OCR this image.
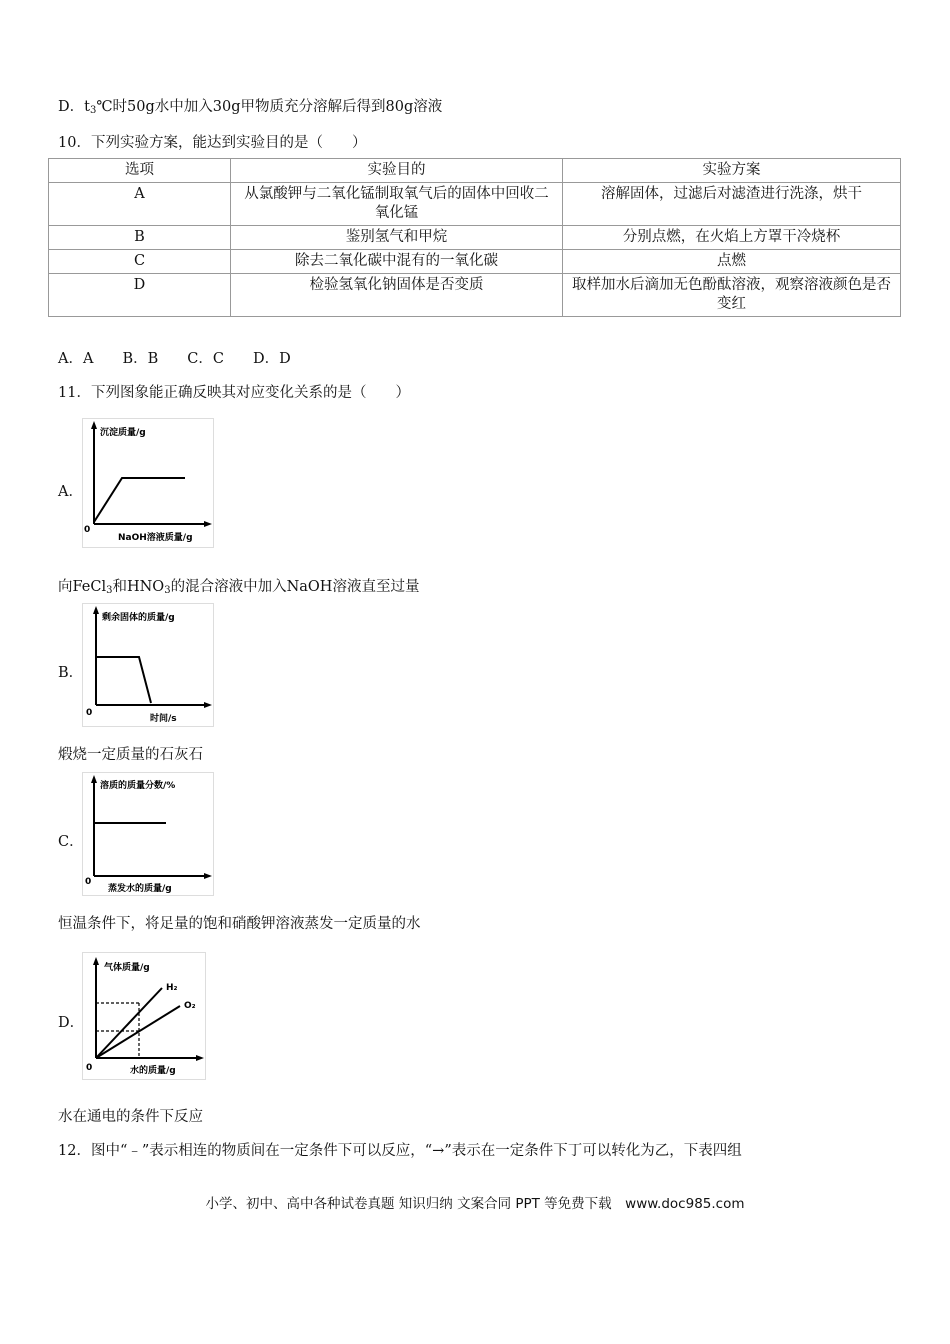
D．$t_3℃$时50g水中加入30g甲物质充分溶解后得到80g溶液
10．下列实验方案，能达到实验目的是（　　）
选项	实验目的	实验方案
A	从氯酸钾与二氧化锰制取氧气后的固体中回收二氧化锰	溶解固体，过滤后对滤渣进行洗涤，烘干
B	鉴别氢气和甲烷	分别点燃，在火焰上方罩干冷烧杯
C	除去二氧化碳中混有的一氧化碳	点燃
D	检验氢氧化钠固体是否变质	取样加水后滴加无色酚酞溶液，观察溶液颜色是否变红
A．A　　B．B　　C．C　　D．D
11．下列图象能正确反映其对应变化关系的是（　　）
A．
沉淀质量/g
NaOH溶液质量/g
0
向FeCl$_3$和$HNO_3$的混合溶液中加入NaOH溶液直至过量
B．
剩余固体的质量/g
时间/s
0
煅烧一定质量的石灰石
C．
溶质的质量分数/%
蒸发水的质量/g
0
恒温条件下，将足量的饱和硝酸钾溶液蒸发一定质量的水
D．
气体质量/g
H₂
O₂
水的质量/g
0
水在通电的条件下反应
12．图中“﹣”表示相连的物质间在一定条件下可以反应，“→”表示在一定条件下丁可以转化为乙，下表四组
小学、初中、高中各种试卷真题 知识归纳 文案合同 PPT 等免费下载　www.doc985.com
